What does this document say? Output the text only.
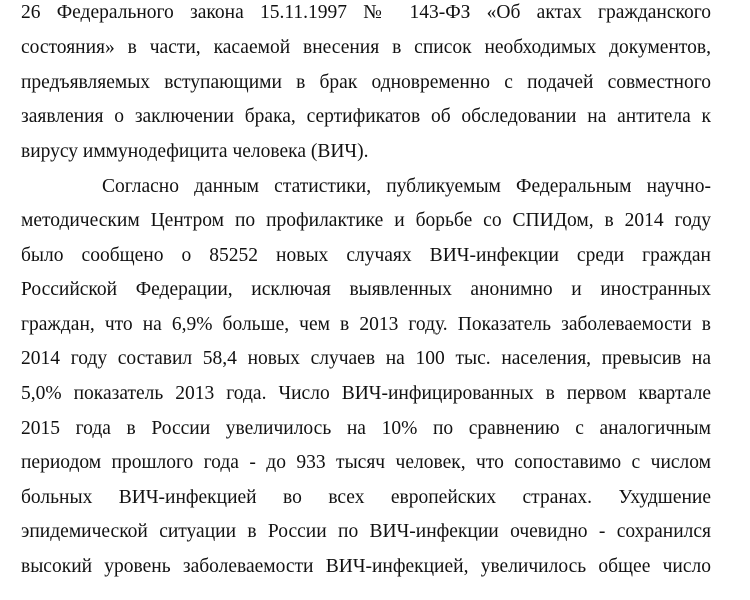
26 Федерального закона 15.11.1997 № 143-ФЗ «Об актах гражданского
состояния» в части, касаемой внесения в список необходимых документов,
предъявляемых вступающими в брак одновременно с подачей совместного
заявления о заключении брака, сертификатов об обследовании на антитела к
вирусу иммунодефицита человека (ВИЧ).
Согласно данным статистики, публикуемым Федеральным научно-
методическим Центром по профилактике и борьбе со СПИДом, в 2014 году
было сообщено о 85252 новых случаях ВИЧ-инфекции среди граждан
Российской Федерации, исключая выявленных анонимно и иностранных
граждан, что на 6,9% больше, чем в 2013 году. Показатель заболеваемости в
2014 году составил 58,4 новых случаев на 100 тыс. населения, превысив на
5,0% показатель 2013 года. Число ВИЧ-инфицированных в первом квартале
2015 года в России увеличилось на 10% по сравнению с аналогичным
периодом прошлого года - до 933 тысяч человек, что сопоставимо с числом
больных ВИЧ-инфекцией во всех европейских странах. Ухудшение
эпидемической ситуации в России по ВИЧ-инфекции очевидно - сохранился
высокий уровень заболеваемости ВИЧ-инфекцией, увеличилось общее число
